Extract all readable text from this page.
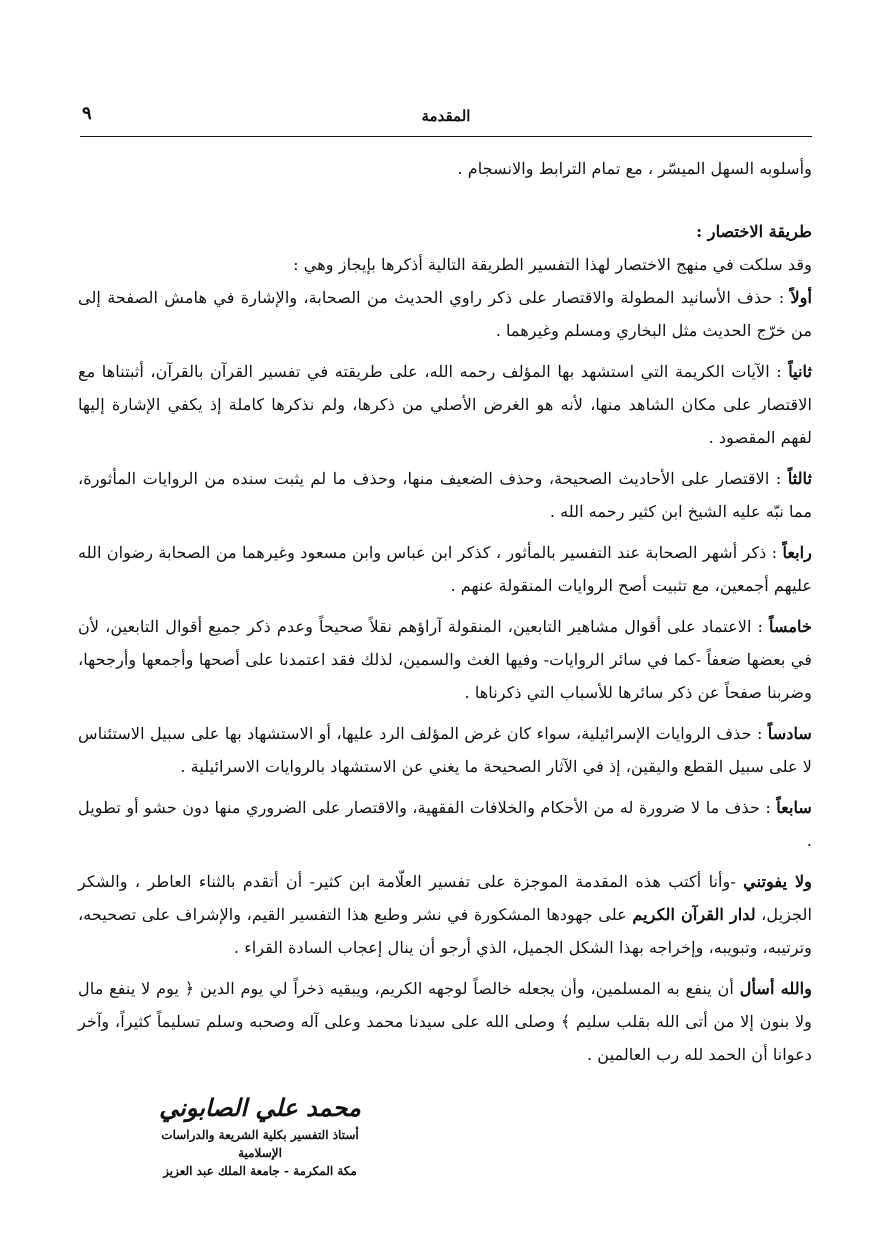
المقدمة
٩

وأسلوبه السهل الميسّر ، مع تمام الترابط والانسجام .

طريقة الاختصار :

وقد سلكت في منهج الاختصار لهذا التفسير الطريقة التالية أذكرها بإيجاز وهي :

أولاً : حذف الأسانيد المطولة والاقتصار على ذكر راوي الحديث من الصحابة، والإشارة في هامش الصفحة إلى من خرّج الحديث مثل البخاري ومسلم وغيرهما .

ثانياً : الآيات الكريمة التي استشهد بها المؤلف رحمه الله، على طريقته في تفسير القرآن بالقرآن، أثبتناها مع الاقتصار على مكان الشاهد منها، لأنه هو الغرض الأصلي من ذكرها، ولم نذكرها كاملة إذ يكفي الإشارة إليها لفهم المقصود .

ثالثاً : الاقتصار على الأحاديث الصحيحة، وحذف الضعيف منها، وحذف ما لم يثبت سنده من الروايات المأثورة، مما نبّه عليه الشيخ ابن كثير رحمه الله .

رابعاً : ذكر أشهر الصحابة عند التفسير بالمأثور ، كذكر ابن عباس وابن مسعود وغيرهما من الصحابة رضوان الله عليهم أجمعين، مع تثبيت أصح الروايات المنقولة عنهم .

خامساً : الاعتماد على أقوال مشاهير التابعين، المنقولة آراؤهم نقلاً صحيحاً وعدم ذكر جميع أقوال التابعين، لأن في بعضها ضعفاً -كما في سائر الروايات- وفيها الغث والسمين، لذلك فقد اعتمدنا على أصحها وأجمعها وأرجحها، وضربنا صفحاً عن ذكر سائرها للأسباب التي ذكرناها .

سادساً : حذف الروايات الإسرائيلية، سواء كان غرض المؤلف الرد عليها، أو الاستشهاد بها على سبيل الاستئناس لا على سبيل القطع واليقين، إذ في الآثار الصحيحة ما يغني عن الاستشهاد بالروايات الاسرائيلية .

سابعاً : حذف ما لا ضرورة له من الأحكام والخلافات الفقهية، والاقتصار على الضروري منها دون حشو أو تطويل .

ولا يفوتني -وأنا أكتب هذه المقدمة الموجزة على تفسير العلّامة ابن كثير- أن أتقدم بالثناء العاطر ، والشكر الجزيل، لدار القرآن الكريم على جهودها المشكورة في نشر وطبع هذا التفسير القيم، والإشراف على تصحيحه، وترتيبه، وتبويبه، وإخراجه بهذا الشكل الجميل، الذي أرجو أن ينال إعجاب السادة القراء .

والله أسأل أن ينفع به المسلمين، وأن يجعله خالصاً لوجهه الكريم، ويبقيه ذخراً لي يوم الدين ﴿ يوم لا ينفع مال ولا بنون إلا من أتى الله بقلب سليم ﴾ وصلى الله على سيدنا محمد وعلى آله وصحبه وسلم تسليماً كثيراً، وآخر دعوانا أن الحمد لله رب العالمين .

محمد علي الصابوني
أستاذ التفسير بكلية الشريعة والدراسات الإسلامية
مكة المكرمة - جامعة الملك عبد العزيز
